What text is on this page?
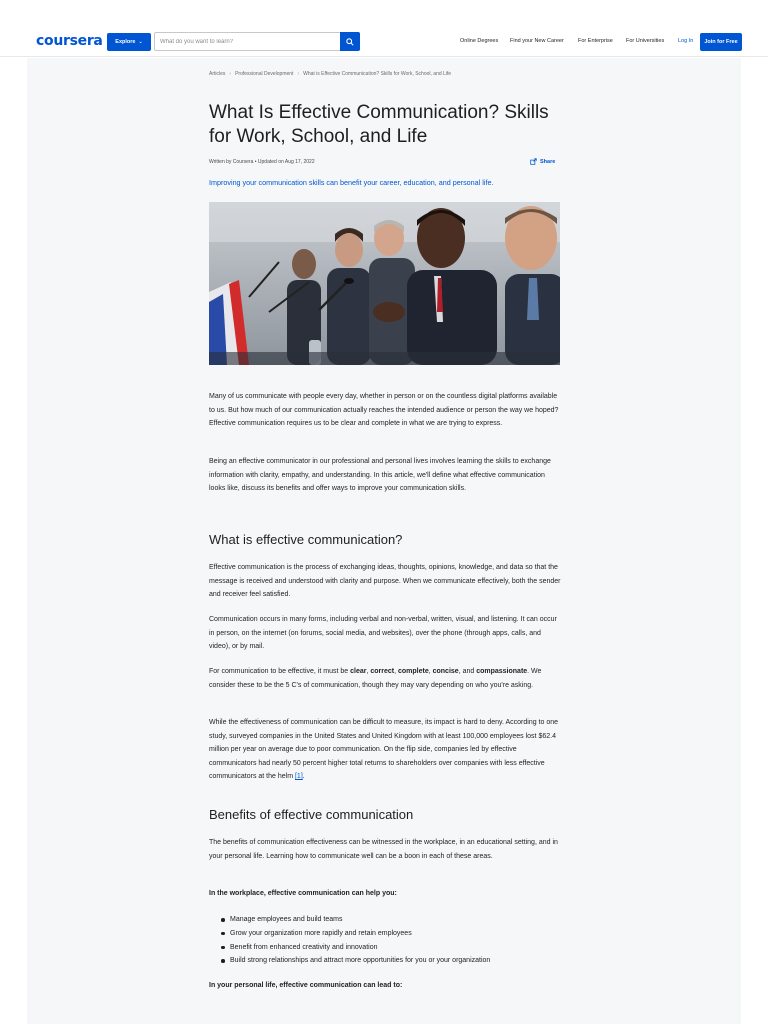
coursera Explore ⌄
What do you want to learn?	Online Degrees Find your New Career	For Enterprise For Universities	Log In	Join for Free
Articles › Professional Development › What is Effective Communication? Skills for Work, School, and Life
What Is Effective Communication? Skills for Work, School, and Life
Written by Coursera • Updated on Aug 17, 2022	Share
Improving your communication skills can benefit your career, education, and personal life.

Many of us communicate with people every day, whether in person or on the countless digital platforms available to us. But how much of our communication actually reaches the intended audience or person the way we hoped? Effective communication requires us to be clear and complete in what we are trying to express.

Being an effective communicator in our professional and personal lives involves learning the skills to exchange information with clarity, empathy, and understanding. In this article, we'll define what effective communication looks like, discuss its benefits and offer ways to improve your communication skills.

What is effective communication?

Effective communication is the process of exchanging ideas, thoughts, opinions, knowledge, and data so that the message is received and understood with clarity and purpose. When we communicate effectively, both the sender and receiver feel satisfied.

Communication occurs in many forms, including verbal and non-verbal, written, visual, and listening. It can occur in person, on the internet (on forums, social media, and websites), over the phone (through apps, calls, and video), or by mail.

For communication to be effective, it must be clear, correct, complete, concise, and compassionate. We consider these to be the 5 C's of communication, though they may vary depending on who you're asking.

While the effectiveness of communication can be difficult to measure, its impact is hard to deny. According to one study, surveyed companies in the United States and United Kingdom with at least 100,000 employees lost $62.4 million per year on average due to poor communication. On the flip side, companies led by effective communicators had nearly 50 percent higher total returns to shareholders over companies with less effective communicators at the helm [1].

Benefits of effective communication

The benefits of communication effectiveness can be witnessed in the workplace, in an educational setting, and in your personal life. Learning how to communicate well can be a boon in each of these areas.

In the workplace, effective communication can help you:
Manage employees and build teams
Grow your organization more rapidly and retain employees
Benefit from enhanced creativity and innovation
Build strong relationships and attract more opportunities for you or your organization
In your personal life, effective communication can lead to:
